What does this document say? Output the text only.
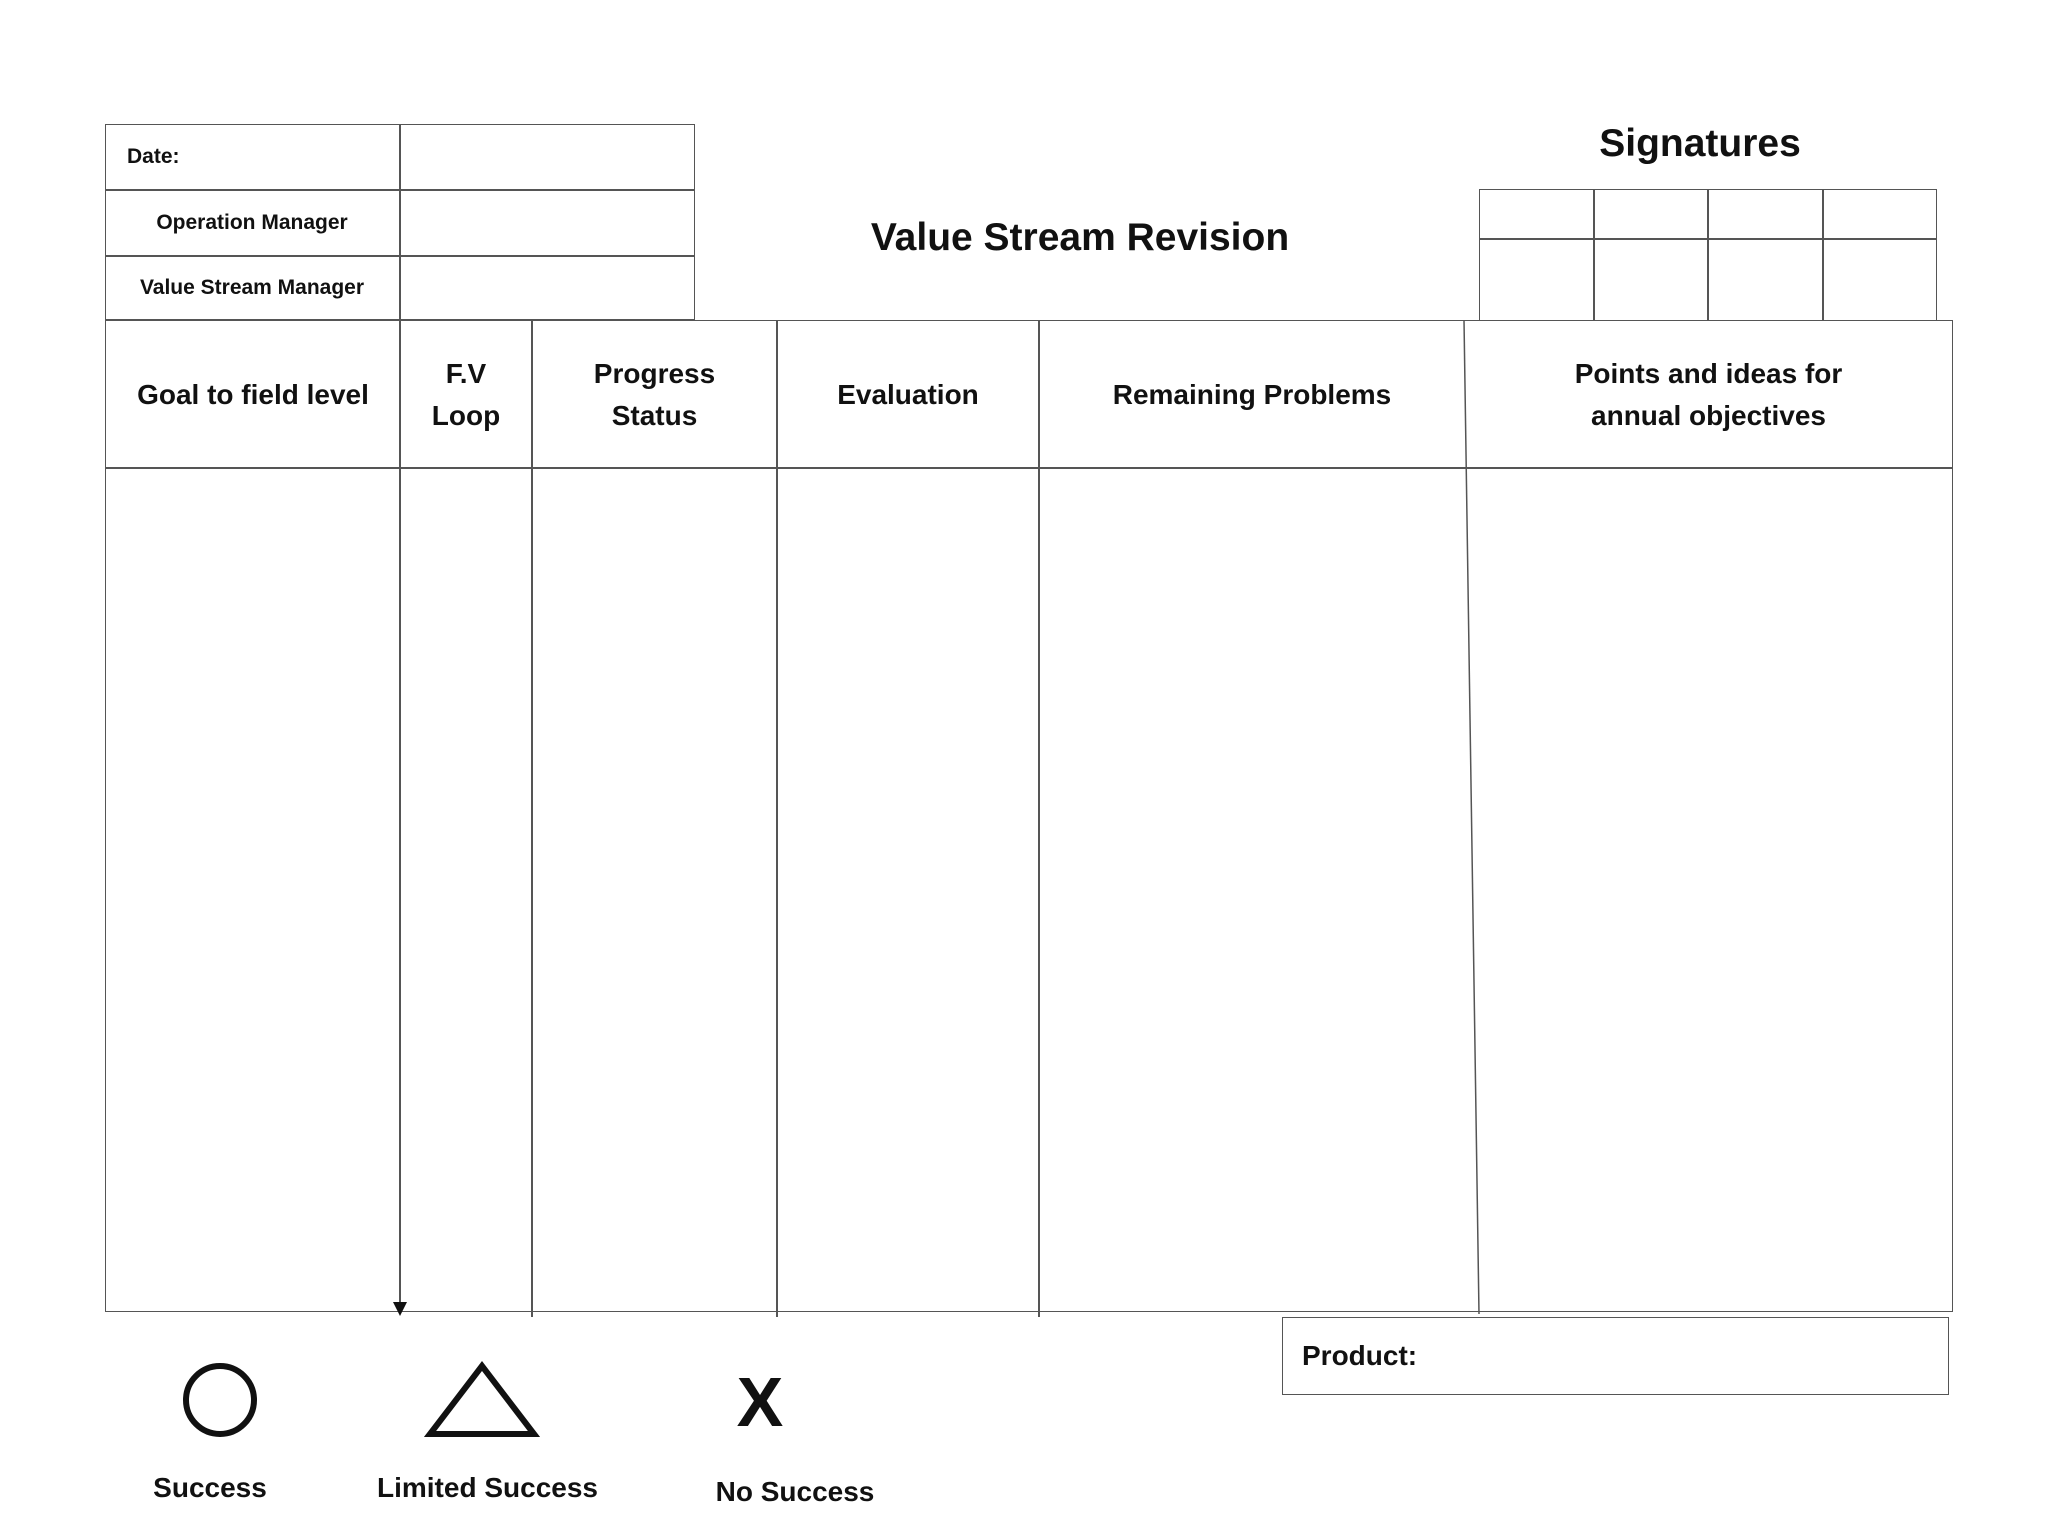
Date:
Operation Manager
Value Stream Manager
Value Stream Revision
Signatures
Goal to field level
F.V
Loop
Progress
Status
Evaluation	Remaining Problems
Points and ideas for
annual objectives
Product:
Success	Limited Success
X
No Success
